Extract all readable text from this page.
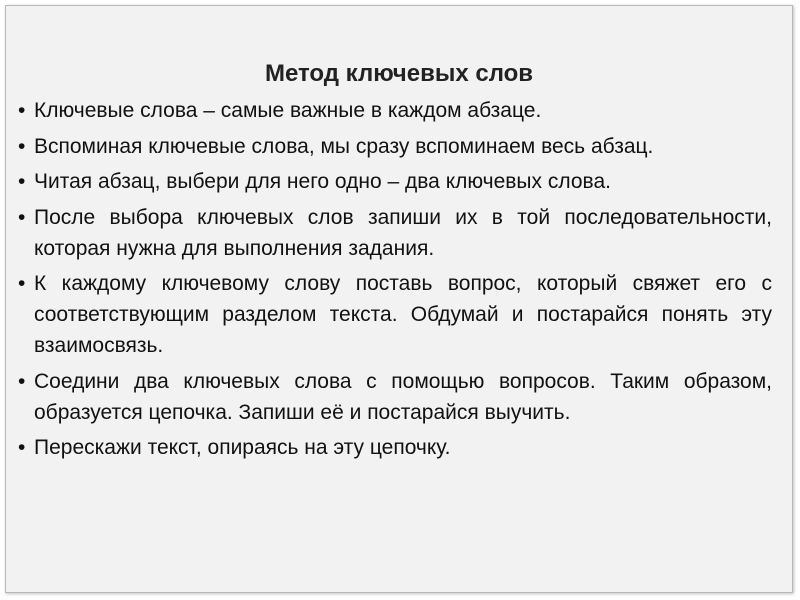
Метод ключевых слов
• Ключевые слова – самые важные в каждом абзаце.
• Вспоминая ключевые слова, мы сразу вспоминаем весь абзац.
• Читая абзац, выбери для него одно – два ключевых слова.
• После выбора ключевых слов запиши их в той последовательности, которая нужна для выполнения задания.
• К каждому ключевому слову поставь вопрос, который свяжет его с соответствующим разделом текста. Обдумай и постарайся понять эту взаимосвязь.
• Соедини два ключевых слова с помощью вопросов. Таким образом, образуется цепочка. Запиши её и постарайся выучить.
• Перескажи текст, опираясь на эту цепочку.
